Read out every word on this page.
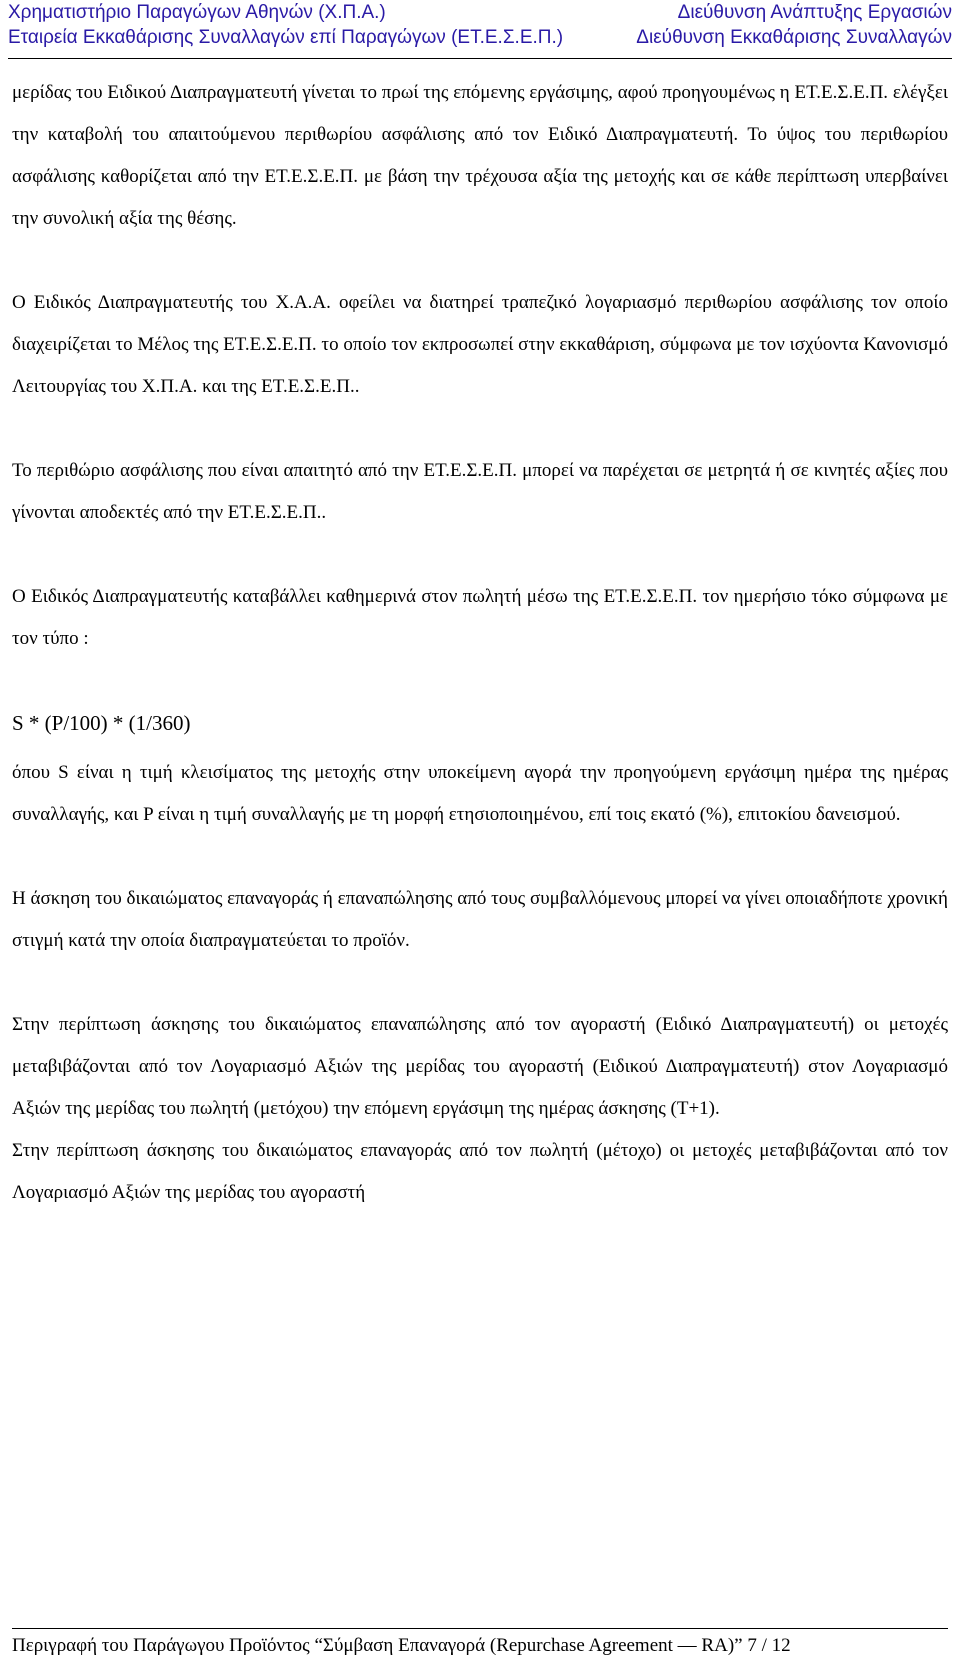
Χρηματιστήριο Παραγώγων Αθηνών (Χ.Π.Α.)	Διεύθυνση Ανάπτυξης Εργασιών
Εταιρεία Εκκαθάρισης Συναλλαγών επί Παραγώγων (ΕΤ.Ε.Σ.Ε.Π.)	Διεύθυνση Εκκαθάρισης Συναλλαγών

μερίδας του Ειδικού Διαπραγματευτή γίνεται το πρωί της επόμενης εργάσιμης, αφού προηγουμένως η ΕΤ.Ε.Σ.Ε.Π. ελέγξει την καταβολή του απαιτούμενου περιθωρίου ασφάλισης από τον Ειδικό Διαπραγματευτή. Το ύψος του περιθωρίου ασφάλισης καθορίζεται από την ΕΤ.Ε.Σ.Ε.Π. με βάση την τρέχουσα αξία της μετοχής και σε κάθε περίπτωση υπερβαίνει την συνολική αξία της θέσης.

Ο Ειδικός Διαπραγματευτής του Χ.Α.Α. οφείλει να διατηρεί τραπεζικό λογαριασμό περιθωρίου ασφάλισης τον οποίο διαχειρίζεται το Μέλος της ΕΤ.Ε.Σ.Ε.Π. το οποίο τον εκπροσωπεί στην εκκαθάριση, σύμφωνα με τον ισχύοντα Κανονισμό Λειτουργίας του Χ.Π.Α. και της ΕΤ.Ε.Σ.Ε.Π..

Το περιθώριο ασφάλισης που είναι απαιτητό από την ΕΤ.Ε.Σ.Ε.Π. μπορεί να παρέχεται σε μετρητά ή σε κινητές αξίες που γίνονται αποδεκτές από την ΕΤ.Ε.Σ.Ε.Π..

Ο Ειδικός Διαπραγματευτής καταβάλλει καθημερινά στον πωλητή μέσω της ΕΤ.Ε.Σ.Ε.Π. τον ημερήσιο τόκο σύμφωνα με τον τύπο :

S * (P/100) * (1/360)

όπου S είναι η τιμή κλεισίματος της μετοχής στην υποκείμενη αγορά την προηγούμενη εργάσιμη ημέρα της ημέρας συναλλαγής, και P είναι η τιμή συναλλαγής με τη μορφή ετησιοποιημένου, επί τοις εκατό (%), επιτοκίου δανεισμού.

Η άσκηση του δικαιώματος επαναγοράς ή επαναπώλησης από τους συμβαλλόμενους μπορεί να γίνει οποιαδήποτε χρονική στιγμή κατά την οποία διαπραγματεύεται το προϊόν.

Στην περίπτωση άσκησης του δικαιώματος επαναπώλησης από τον αγοραστή (Ειδικό Διαπραγματευτή) οι μετοχές μεταβιβάζονται από τον Λογαριασμό Αξιών της μερίδας του αγοραστή (Ειδικού Διαπραγματευτή) στον Λογαριασμό Αξιών της μερίδας του πωλητή (μετόχου) την επόμενη εργάσιμη της ημέρας άσκησης (Τ+1).

Στην περίπτωση άσκησης του δικαιώματος επαναγοράς από τον πωλητή (μέτοχο) οι μετοχές μεταβιβάζονται από τον Λογαριασμό Αξιών της μερίδας του αγοραστή

Περιγραφή του Παράγωγου Προϊόντος “Σύμβαση Επαναγορά (Repurchase Agreement — RA)” 7 / 12
